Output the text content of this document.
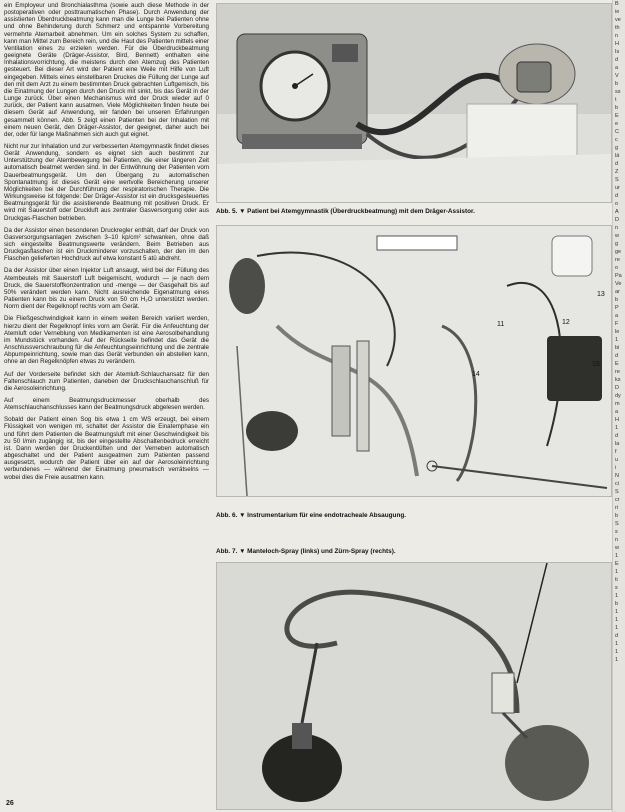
ein Employeur und Bronchialasthma (sowie auch diese Methode in der postoperativen oder posttraumatischen Phase). Durch Anwendung der assistierten Überdruckbeatmung kann man die Lunge bei Patienten ohne und ohne Behinderung durch Schmerz und entspannte Vorbereitung vermehrte Atemarbeit abnehmen. Um ein solches System zu schaffen, kann man Mittel zum Bereich rein, und die Haut des Patienten mittels einer Ventilation eines zu erzielen werden. Für die Überdruckbeatmung geeignete Geräte (Dräger-Assistor, Bird, Bennett) enthalten eine Inhalationsvorrichtung, die meistens durch den Atemzug des Patienten gesteuert. Bei dieser Art wird der Patient eine Weile mit Hilfe von Luft eingegeben. Mittels eines einstellbaren Druckes die Füllung der Lunge auf den mit dem Arzt zu einem bestimmten Druck gebrachten Luftgemisch, bis die Einatmung der Lungen durch den Druck mit sinkt, bis das Gerät in der Lunge zurück. Über einen Mechanismus wird der Druck wieder auf 0 zurück, der Patient kann ausatmen. Viele Möglichkeiten finden heute bei diesem Gerät auf Anwendung, wir fanden bei unseren Erfahrungen gesammelt können. Abb. 5 zeigt einen Patienten bei der Inhalation mit einem neuen Gerät, den Dräger-Assistor, der geeignet, daher auch bei der, oder für lange Maßnahmen sich auch gut eignet.

Nicht nur zur Inhalation und zur verbesserten Atemgymnastik findet dieses Gerät Anwendung, sondern es eignet sich auch bestimmt zur Unterstützung der Atembewegung bei Patienten, die einer längeren Zeit automatisch beatmet werden sind. In der Entwöhnung der Patienten vom Dauerbeatmungsgerät. Um den Übergang zu automatischen Spontanatmung ist dieses Gerät eine wertvolle Bereicherung unserer Möglichkeiten bei der Durchführung der respiratorischen Therapie. Die Wirkungsweise ist folgende: Der Dräger-Assistor ist ein drucksgesteuertes Beatmungsgerät für die assistierende Beatmung mit positiven Druck. Er wird mit Sauerstoff oder Druckluft aus zentraler Gasversorgung oder aus Druckgas-Flaschen betrieben.

Da der Assistor einen besonderen Druckregler enthält, darf der Druck von Gasversorgungsanlagen zwischen 3–10 kp/cm² schwanken, ohne daß sich eingestellte Beatmungswerte verändern. Beim Betrieben aus Druckgasflaschen ist ein Druckminderer vorzuschalten, der den im den Flaschen gelieferten Hochdruck auf etwa konstant 5 atü abdreht.

Da der Assistor über einen Injektor Luft ansaugt, wird bei der Füllung des Atembeutels mit Sauerstoff Luft beigemischt, wodurch — je nach dem Druck, die Sauerstoffkonzentration und -menge — der Gasgehalt bis auf 50% verändert werden kann. Nicht ausreichende Eigenatmung eines Patienten kann bis zu einem Druck von 50 cm H₂O unterstützt werden. Norm dient der Regelknopf rechts vorn am Gerät.

Die Fließgeschwindigkeit kann in einem weiten Bereich variiert werden, hierzu dient der Regelknopf links vorn am Gerät. Für die Anfeuchtung der Atemluft oder Verneblung von Medikamenten ist eine Aerosolbehandlung im Mundstück vorhanden. Auf der Rückseite befindet das Gerät die Anschlussverschraubung für die Anfeuchtungseinrichtung und die zentrale Abpumpeinrichtung, sowie man das Gerät verbunden ein abstellen kann, ohne an den Regelknöpfen etwas zu verändern.

Auf der Vorderseite befindet sich der Atemluft-Schlauchansatz für den Faltenschlauch zum Patienten, daneben der Druckschlauchanschluß für die Aerosoleinrichtung.

Auf einem Beatmungsdruckmesser oberhalb des Atemschlauchanschlusses kann der Beatmungsdruck abgelesen werden.

Sobald der Patient einen Sog bis etwa 1 cm WS erzeugt, bei einem Flüssigkeit von wenigen ml, schaltet der Assistor die Einatemphase ein und führt dem Patienten die Beatmungsluft mit einer Geschwindigkeit bis zu 50 l/min zugängig ist, bis der eingestellte Abschaltenbedruck erreicht ist. Dann werden der Druckentlüften und der Verneben automatisch abgeschaltet und der Patient ausgeatmen zum Patienten passend ausgesetzt, wodurch der Patient über ein auf der Aerosoleinrichtung verbundenes — während der Einatmung pneumatisch verrätselns — wobei dies die Freie ausatmen kann.

Abb. 5. ▼ Patient bei Atemgymnastik (Überdruckbeatmung) mit dem Dräger-Assistor.
11	12
13
14
15
Abb. 6. ▼ Instrumentarium für eine endotracheale Absaugung.
Abb. 7. ▼ Manteloch-Spray (links) und Zürn-Spray (rechts).
B
ie
ve
th
n
H
Is
d
a
V
b
ss
t
b
E
e
C
c
g
lä
d
Z
S
ur
d
o
A
D
n
w
g
ge
re
o
Pa
Ve
ar
b
P
a
F
le
1
bi
d
E
re
ks
D
dy
m
a
H
1
d
la
f
u
i
N
ci
S
cr
ri
b
S
s
n
w
1
E
1
ti
s
1
b
1
1
1
d
1
1
1
26
